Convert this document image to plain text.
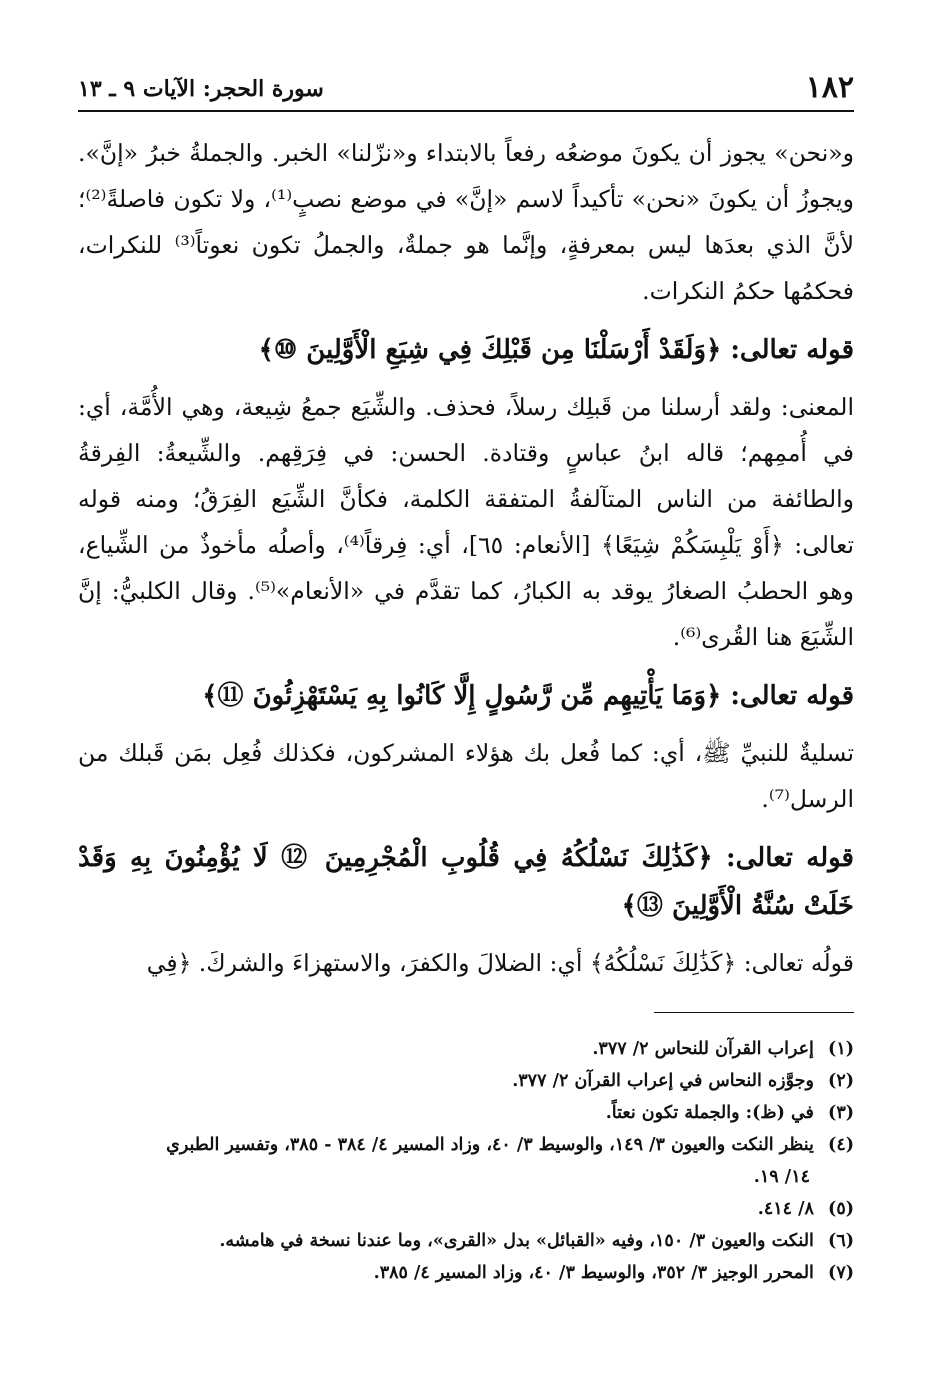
١٨٢
سورة الحجر: الآيات ٩ ـ ١٣

و«نحن» يجوز أن يكونَ موضعُه رفعاً بالابتداء و«نزّلنا» الخبر. والجملةُ خبرُ «إنَّ». ويجوزُ أن يكونَ «نحن» تأكيداً لاسم «إنَّ» في موضع نصبٍ⁽¹⁾، ولا تكون فاصلةً⁽²⁾؛ لأنَّ الذي بعدَها ليس بمعرفةٍ، وإنَّما هو جملةٌ، والجملُ تكون نعوتاً⁽³⁾ للنكرات، فحكمُها حكمُ النكرات.

قوله تعالى: ﴿وَلَقَدْ أَرْسَلْنَا مِن قَبْلِكَ فِي شِيَعِ الْأَوَّلِينَ ⑩﴾

المعنى: ولقد أرسلنا من قَبلِك رسلاً، فحذف. والشِّيَع جمعُ شِيعة، وهي الأُمَّة، أي: في أُممِهم؛ قاله ابنُ عباسٍ وقتادة. الحسن: في فِرَقِهم. والشِّيعةُ: الفِرقةُ والطائفة من الناس المتآلفةُ المتفقة الكلمة، فكأنَّ الشِّيَع الفِرَقُ؛ ومنه قوله تعالى: ﴿أَوْ يَلْبِسَكُمْ شِيَعًا﴾ [الأنعام: ٦٥]، أي: فِرقاً⁽⁴⁾، وأصلُه مأخوذٌ من الشِّياع، وهو الحطبُ الصغارُ يوقد به الكبارُ، كما تقدَّم في «الأنعام»⁽⁵⁾. وقال الكلبيُّ: إنَّ الشِّيَعَ هنا القُرى⁽⁶⁾.

قوله تعالى: ﴿وَمَا يَأْتِيهِم مِّن رَّسُولٍ إِلَّا كَانُوا بِهِ يَسْتَهْزِئُونَ ⑪﴾

تسليةٌ للنبيِّ ﷺ، أي: كما فُعل بك هؤلاء المشركون، فكذلك فُعِل بمَن قَبلك من الرسل⁽⁷⁾.

قوله تعالى: ﴿كَذَٰلِكَ نَسْلُكُهُ فِي قُلُوبِ الْمُجْرِمِينَ ⑫ لَا يُؤْمِنُونَ بِهِ وَقَدْ خَلَتْ سُنَّةُ الْأَوَّلِينَ ⑬﴾

قولُه تعالى: ﴿كَذَٰلِكَ نَسْلُكُهُ﴾ أي: الضلالَ والكفرَ، والاستهزاءَ والشركَ. ﴿فِي

(١) إعراب القرآن للنحاس ٢/ ٣٧٧.

(٢) وجوَّزه النحاس في إعراب القرآن ٢/ ٣٧٧.

(٣) في (ظ): والجملة تكون نعتاً.

(٤) ينظر النكت والعيون ٣/ ١٤٩، والوسيط ٣/ ٤٠، وزاد المسير ٤/ ٣٨٤ - ٣٨٥، وتفسير الطبري

١٤/ ١٩.

(٥) ٨/ ٤١٤.

(٦) النكت والعيون ٣/ ١٥٠، وفيه «القبائل» بدل «القرى»، وما عندنا نسخة في هامشه.

(٧) المحرر الوجيز ٣/ ٣٥٢، والوسيط ٣/ ٤٠، وزاد المسير ٤/ ٣٨٥.
